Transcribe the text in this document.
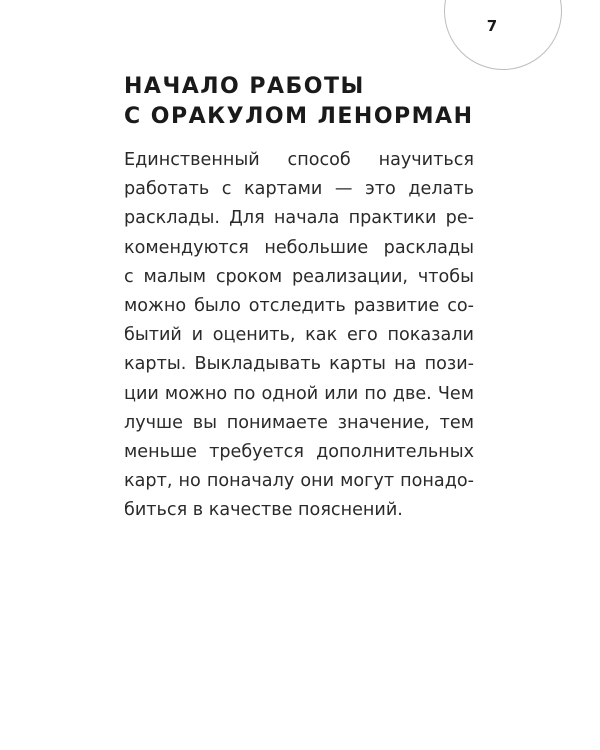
7
НАЧАЛО РАБОТЫ
С ОРАКУЛОМ ЛЕНОРМАН
Единственный способ научиться
работать с картами — это делать
расклады. Для начала практики ре-
комендуются небольшие расклады
с малым сроком реализации, чтобы
можно было отследить развитие со-
бытий и оценить, как его показали
карты. Выкладывать карты на пози-
ции можно по одной или по две. Чем
лучше вы понимаете значение, тем
меньше требуется дополнительных
карт, но поначалу они могут понадо-
биться в качестве пояснений.
